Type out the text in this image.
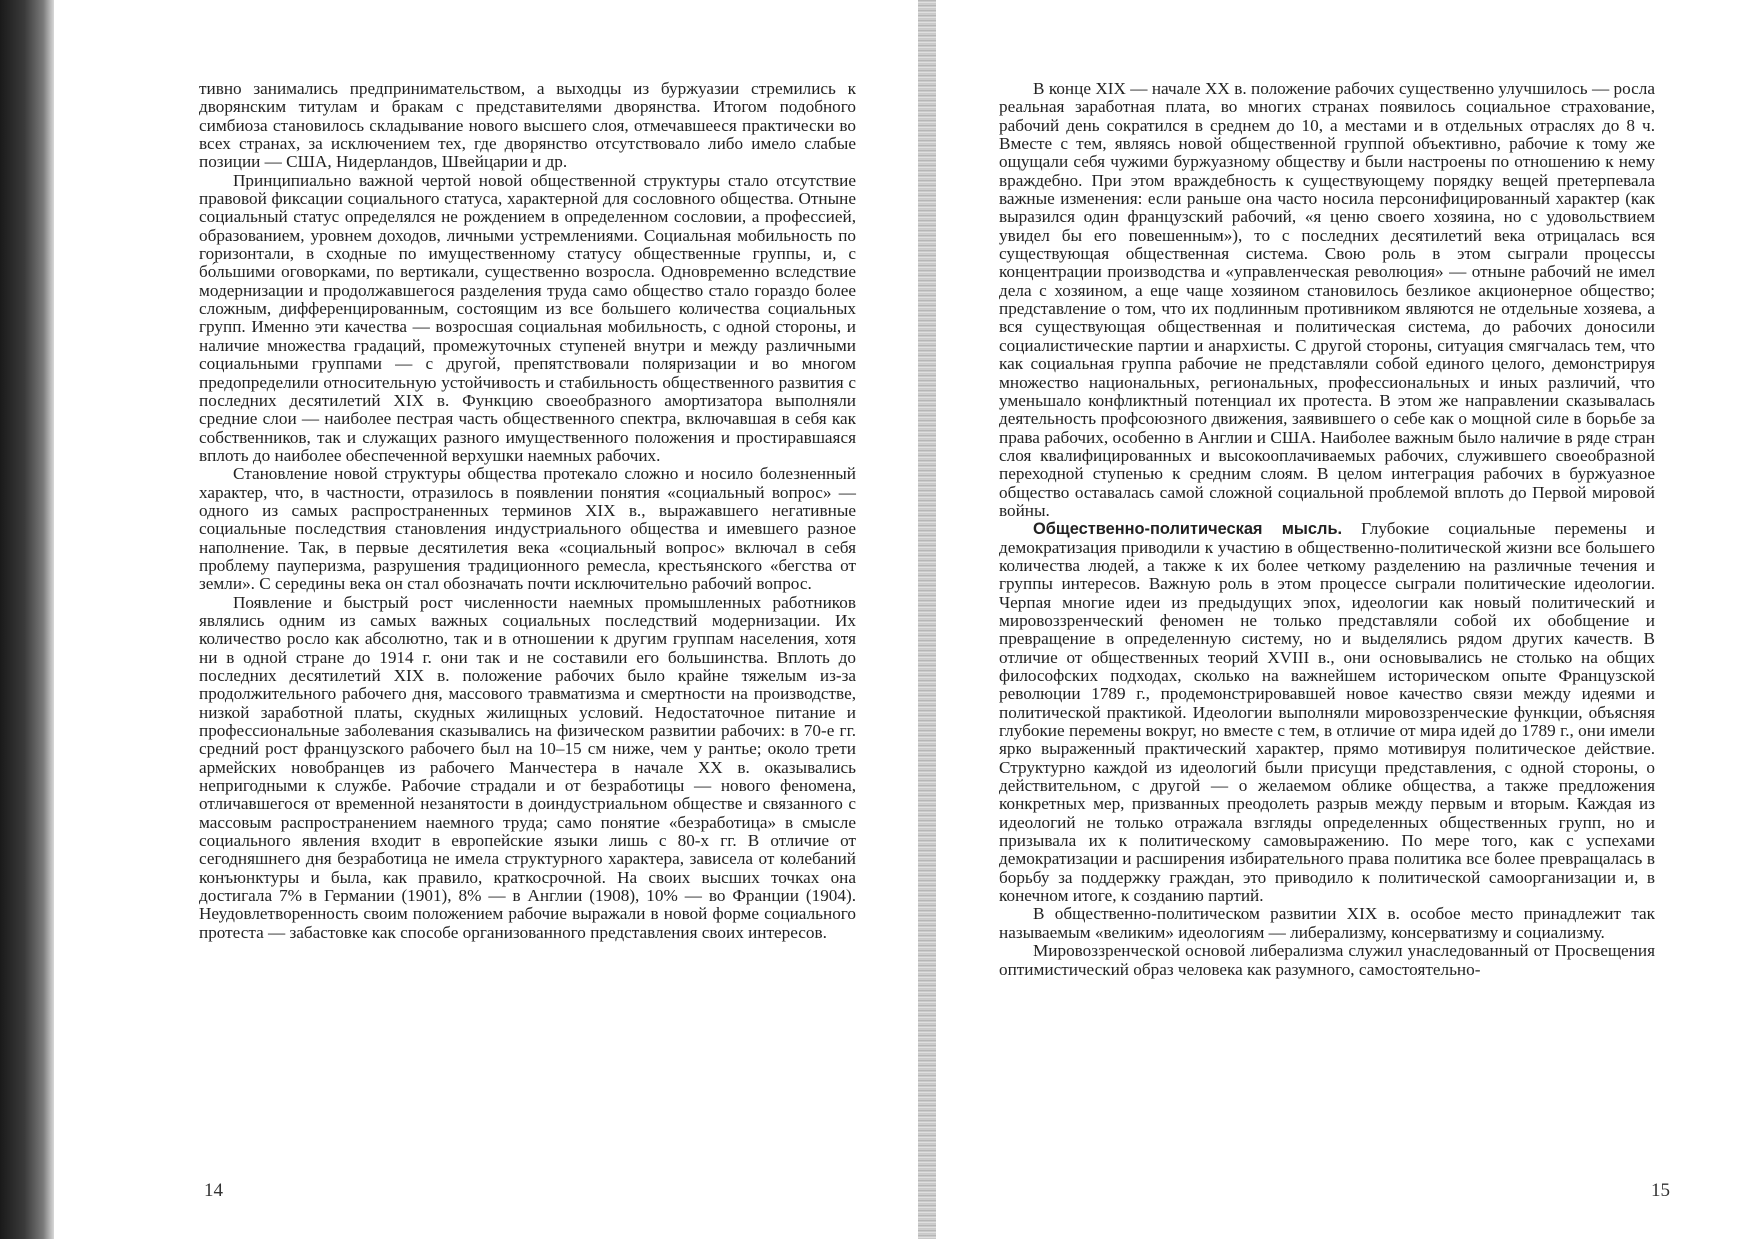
тивно занимались предпринимательством, а выходцы из буржуазии стремились к дворянским титулам и бракам с представителями дворянства. Итогом подобного симбиоза становилось складывание нового высшего слоя, отмечавшееся практически во всех странах, за исключением тех, где дворянство отсутствовало либо имело слабые позиции — США, Нидерландов, Швейцарии и др.

Принципиально важной чертой новой общественной структуры стало отсутствие правовой фиксации социального статуса, характерной для сословного общества. Отныне социальный статус определялся не рождением в определенном сословии, а профессией, образованием, уровнем доходов, личными устремлениями. Социальная мобильность по горизонтали, в сходные по имущественному статусу общественные группы, и, с бо́льшими оговорками, по вертикали, существенно возросла. Одновременно вследствие модернизации и продолжавшегося разделения труда само общество стало гораздо более сложным, дифференцированным, состоящим из все большего количества социальных групп. Именно эти качества — возросшая социальная мобильность, с одной стороны, и наличие множества градаций, промежуточных ступеней внутри и между различными социальными группами — с другой, препятствовали поляризации и во многом предопределили относительную устойчивость и стабильность общественного развития с последних десятилетий XIX в. Функцию своеобразного амортизатора выполняли средние слои — наиболее пестрая часть общественного спектра, включавшая в себя как собственников, так и служащих разного имущественного положения и простиравшаяся вплоть до наиболее обеспеченной верхушки наемных рабочих.

Становление новой структуры общества протекало сложно и носило болезненный характер, что, в частности, отразилось в появлении понятия «социальный вопрос» — одного из самых распространенных терминов XIX в., выражавшего негативные социальные последствия становления индустриального общества и имевшего разное наполнение. Так, в первые десятилетия века «социальный вопрос» включал в себя проблему пауперизма, разрушения традиционного ремесла, крестьянского «бегства от земли». С середины века он стал обозначать почти исключительно рабочий вопрос.

Появление и быстрый рост численности наемных промышленных работников являлись одним из самых важных социальных последствий модернизации. Их количество росло как абсолютно, так и в отношении к другим группам населения, хотя ни в одной стране до 1914 г. они так и не составили его большинства. Вплоть до последних десятилетий XIX в. положение рабочих было крайне тяжелым из-за продолжительного рабочего дня, массового травматизма и смертности на производстве, низкой заработной платы, скудных жилищных условий. Недостаточное питание и профессиональные заболевания сказывались на физическом развитии рабочих: в 70-е гг. средний рост французского рабочего был на 10–15 см ниже, чем у рантье; около трети армейских новобранцев из рабочего Манчестера в начале XX в. оказывались непригодными к службе. Рабочие страдали и от безработицы — нового феномена, отличавшегося от временной незанятости в доиндустриальном обществе и связанного с массовым распространением наемного труда; само понятие «безработица» в смысле социального явления входит в европейские языки лишь с 80-х гг. В отличие от сегодняшнего дня безработица не имела структурного характера, зависела от колебаний конъюнктуры и была, как правило, краткосрочной. На своих высших точках она достигала 7% в Германии (1901), 8% — в Англии (1908), 10% — во Франции (1904). Неудовлетворенность своим положением рабочие выражали в новой форме социального протеста — забастовке как способе организованного представления своих интересов.

14

В конце XIX — начале XX в. положение рабочих существенно улучшилось — росла реальная заработная плата, во многих странах появилось социальное страхование, рабочий день сократился в среднем до 10, а местами и в отдельных отраслях до 8 ч. Вместе с тем, являясь новой общественной группой объективно, рабочие к тому же ощущали себя чужими буржуазному обществу и были настроены по отношению к нему враждебно. При этом враждебность к существующему порядку вещей претерпевала важные изменения: если раньше она часто носила персонифицированный характер (как выразился один французский рабочий, «я ценю своего хозяина, но с удовольствием увидел бы его повешенным»), то с последних десятилетий века отрицалась вся существующая общественная система. Свою роль в этом сыграли процессы концентрации производства и «управленческая революция» — отныне рабочий не имел дела с хозяином, а еще чаще хозяином становилось безликое акционерное общество; представление о том, что их подлинным противником являются не отдельные хозяева, а вся существующая общественная и политическая система, до рабочих доносили социалистические партии и анархисты. С другой стороны, ситуация смягчалась тем, что как социальная группа рабочие не представляли собой единого целого, демонстрируя множество национальных, региональных, профессиональных и иных различий, что уменьшало конфликтный потенциал их протеста. В этом же направлении сказывалась деятельность профсоюзного движения, заявившего о себе как о мощной силе в борьбе за права рабочих, особенно в Англии и США. Наиболее важным было наличие в ряде стран слоя квалифицированных и высокооплачиваемых рабочих, служившего своеобразной переходной ступенью к средним слоям. В целом интеграция рабочих в буржуазное общество оставалась самой сложной социальной проблемой вплоть до Первой мировой войны.

Общественно-политическая мысль. Глубокие социальные перемены и демократизация приводили к участию в общественно-политической жизни все большего количества людей, а также к их более четкому разделению на различные течения и группы интересов. Важную роль в этом процессе сыграли политические идеологии. Черпая многие идеи из предыдущих эпох, идеологии как новый политический и мировоззренческий феномен не только представляли собой их обобщение и превращение в определенную систему, но и выделялись рядом других качеств. В отличие от общественных теорий XVIII в., они основывались не столько на общих философских подходах, сколько на важнейшем историческом опыте Французской революции 1789 г., продемонстрировавшей новое качество связи между идеями и политической практикой. Идеологии выполняли мировоззренческие функции, объясняя глубокие перемены вокруг, но вместе с тем, в отличие от мира идей до 1789 г., они имели ярко выраженный практический характер, прямо мотивируя политическое действие. Структурно каждой из идеологий были присущи представления, с одной стороны, о действительном, с другой — о желаемом облике общества, а также предложения конкретных мер, призванных преодолеть разрыв между первым и вторым. Каждая из идеологий не только отражала взгляды определенных общественных групп, но и призывала их к политическому самовыражению. По мере того, как с успехами демократизации и расширения избирательного права политика все более превращалась в борьбу за поддержку граждан, это приводило к политической самоорганизации и, в конечном итоге, к созданию партий.

В общественно-политическом развитии XIX в. особое место принадлежит так называемым «великим» идеологиям — либерализму, консерватизму и социализму.

Мировоззренческой основой либерализма служил унаследованный от Просвещения оптимистический образ человека как разумного, самостоятельно-

15
